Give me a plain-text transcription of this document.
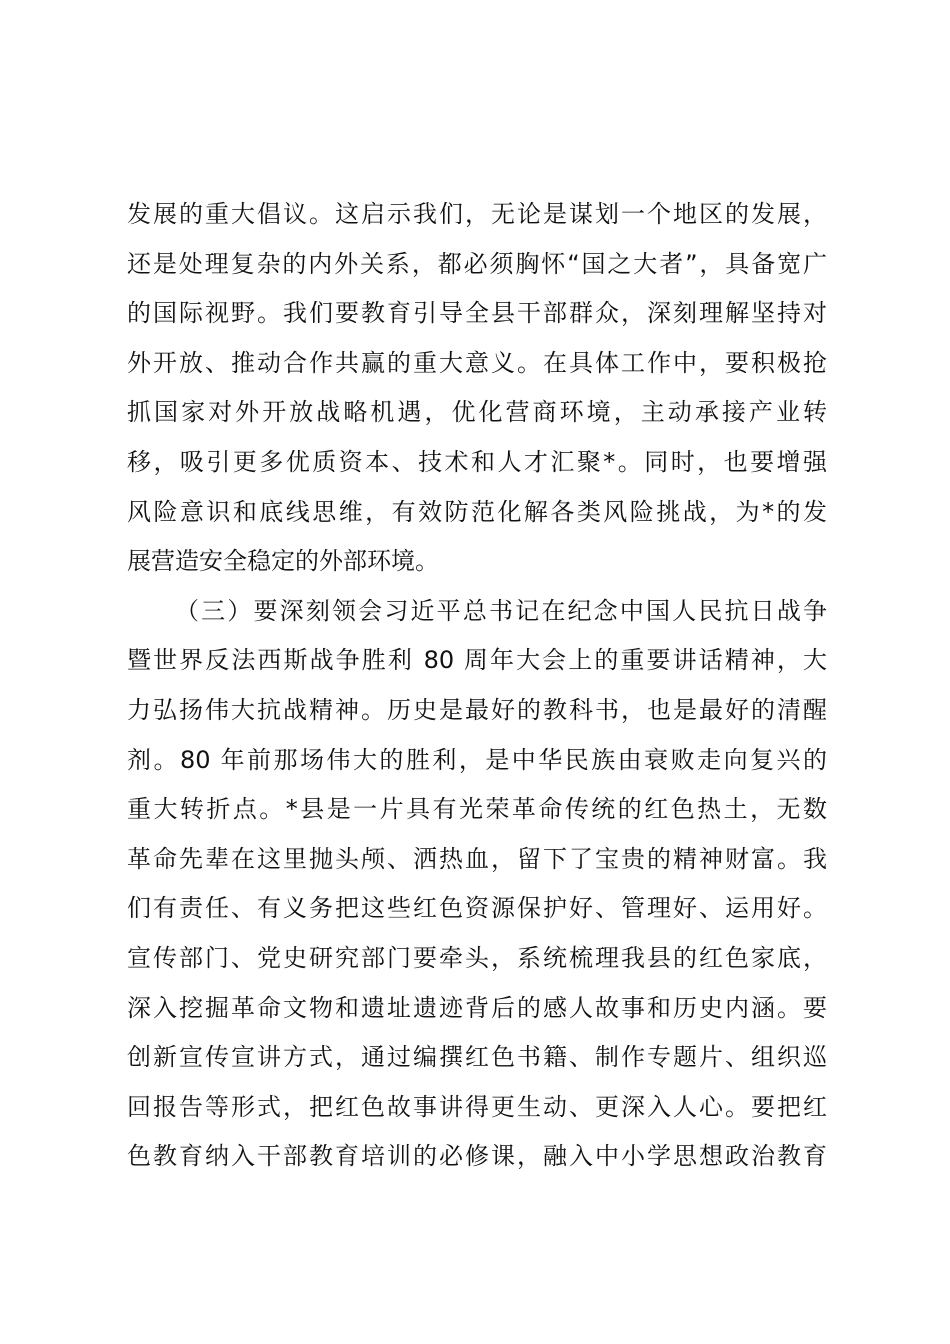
发展的重大倡议。这启示我们，无论是谋划一个地区的发展，
还是处理复杂的内外关系，都必须胸怀“国之大者”，具备宽广
的国际视野。我们要教育引导全县干部群众，深刻理解坚持对
外开放、推动合作共赢的重大意义。在具体工作中，要积极抢
抓国家对外开放战略机遇，优化营商环境，主动承接产业转
移，吸引更多优质资本、技术和人才汇聚*。同时，也要增强
风险意识和底线思维，有效防范化解各类风险挑战，为*的发
展营造安全稳定的外部环境。
（三）要深刻领会习近平总书记在纪念中国人民抗日战争
暨世界反法西斯战争胜利 80 周年大会上的重要讲话精神，大
力弘扬伟大抗战精神。历史是最好的教科书，也是最好的清醒
剂。80 年前那场伟大的胜利，是中华民族由衰败走向复兴的
重大转折点。*县是一片具有光荣革命传统的红色热土，无数
革命先辈在这里抛头颅、洒热血，留下了宝贵的精神财富。我
们有责任、有义务把这些红色资源保护好、管理好、运用好。
宣传部门、党史研究部门要牵头，系统梳理我县的红色家底，
深入挖掘革命文物和遗址遗迹背后的感人故事和历史内涵。要
创新宣传宣讲方式，通过编撰红色书籍、制作专题片、组织巡
回报告等形式，把红色故事讲得更生动、更深入人心。要把红
色教育纳入干部教育培训的必修课，融入中小学思想政治教育
